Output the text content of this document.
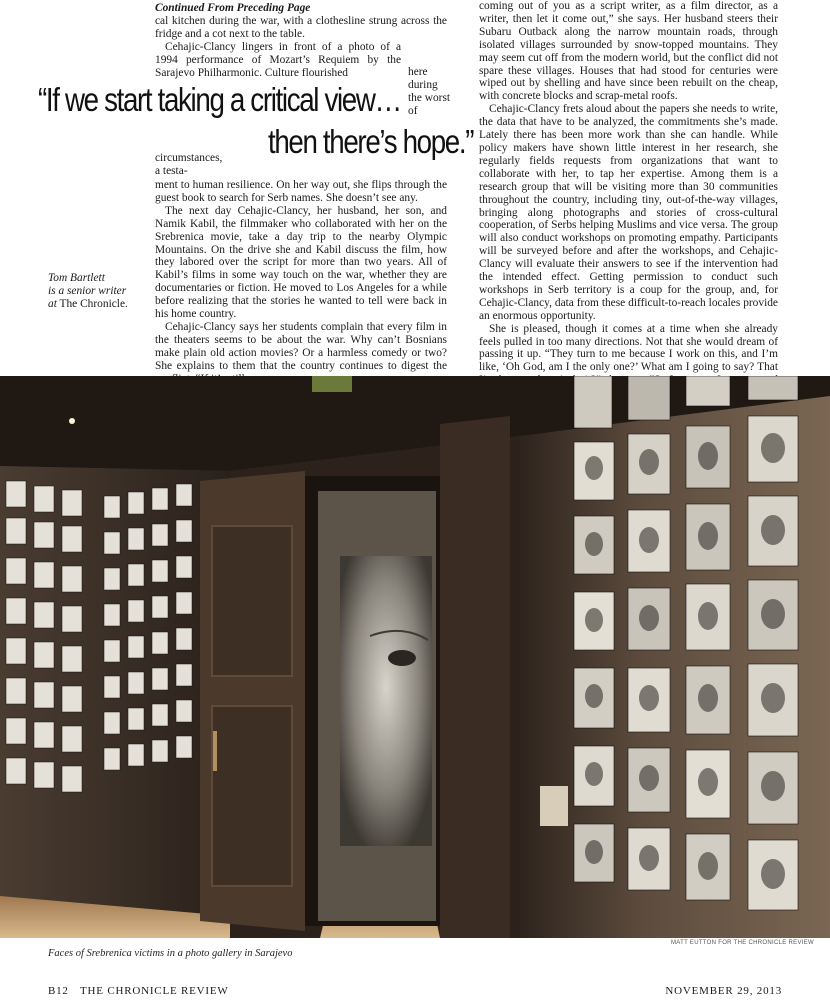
Continued From Preceding Page

cal kitchen during the war, with a clothesline strung across the fridge and a cot next to the table.

Cehajic-Clancy lingers in front of a photo of a 1994 performance of Mozart’s Requiem by the Sarajevo Philharmonic. Culture flourished	here during the worst of
“If we start taking a critical view…
then there’s hope.”
circumstances, a testa-

ment to human resilience. On her way out, she flips through the guest book to search for Serb names. She doesn’t see any.

The next day Cehajic-Clancy, her husband, her son, and Namik Kabil, the filmmaker who collaborated with her on the Srebrenica movie, take a day trip to the nearby Olympic Mountains. On the drive she and Kabil discuss the film, how they labored over the script for more than two years. All of Kabil’s films in some way touch on the war, whether they are documentaries or fiction. He moved to Los Angeles for a while before realizing that the stories he wanted to tell were back in his home country.

Cehajic-Clancy says her students complain that every film in the theaters seems to be about the war. Why can’t Bosnians make plain old action movies? Or a harmless comedy or two? She explains to them that the country continues to digest the

Tom Bartlett
is a senior writer
at The Chronicle.

coming out of you as a script writer, as a film director, as a writer, then let it come out,” she says. Her husband steers their Subaru Outback along the narrow mountain roads, through isolated villages surrounded by snow-topped mountains. They may seem cut off from the modern world, but the conflict did not spare these villages. Houses that had stood for centuries were wiped out by shelling and have since been rebuilt on the cheap, with concrete blocks and scrap-metal roofs.

Cehajic-Clancy frets aloud about the papers she needs to write, the data that have to be analyzed, the commitments she’s made. Lately there has been more work than she can handle. While policy makers have shown little interest in her research, she regularly fields requests from organizations that want to collaborate with her, to tap her expertise. Among them is a research group that will be visiting more than 30 communities throughout the country, including tiny, out-of-the-way villages, bringing along photographs and stories of cross-cultural cooperation, of Serbs helping Muslims and vice versa. The group will also conduct workshops on promoting empathy. Participants will be surveyed before and after the workshops, and Cehajic-Clancy will evaluate their answers to see if the intervention had the intended effect. Getting permission to conduct such workshops in Serb territory is a coup for the group, and, for Cehajic-Clancy, data from these difficult-to-reach locales provide an enormous opportunity.

She is pleased, though it comes at a time when she already feels pulled in too many directions. Not that she would dream of passing it up. “They turn to me because I work on this, and I’m like, ‘Oh God, am I the only one?’ What am I going to say? That

MATT EUTTON FOR THE CHRONICLE REVIEW
Faces of Srebrenica victims in a photo gallery in Sarajevo
B12 THE CHRONICLE REVIEW	NOVEMBER 29, 2013
